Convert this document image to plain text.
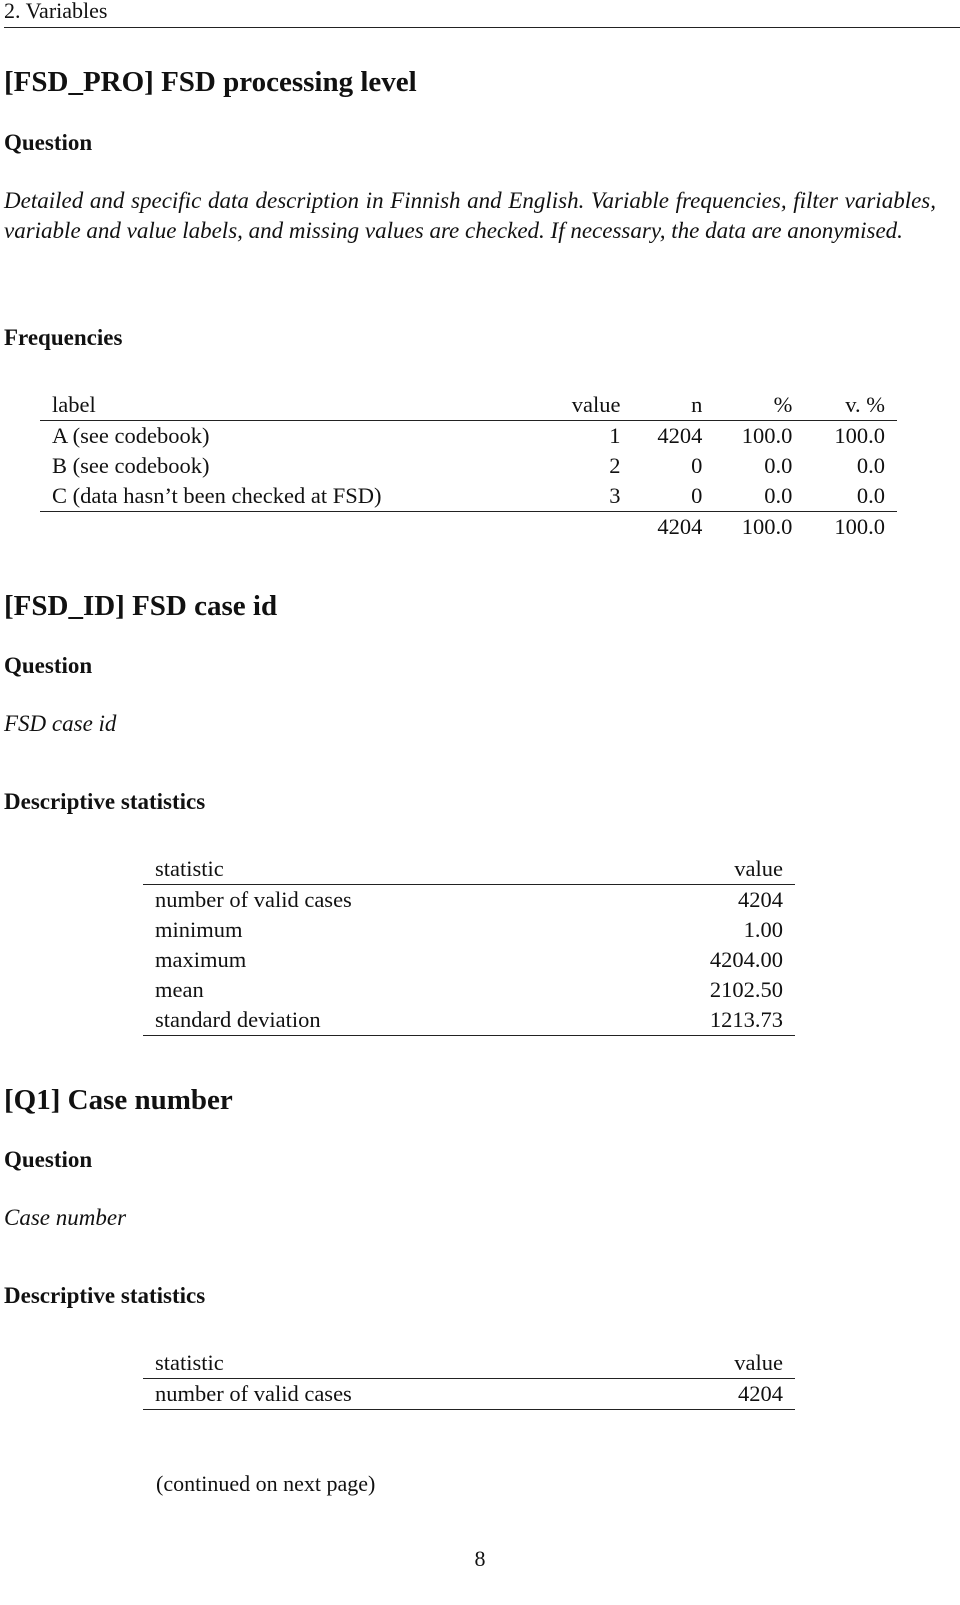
2. Variables
[FSD_PRO] FSD processing level
Question

Detailed and specific data description in Finnish and English. Variable frequencies, filter variables, variable and value labels, and missing values are checked. If necessary, the data are anonymised.

Frequencies
label	value	n	%	v. %
A (see codebook)	1	4204	100.0	100.0
B (see codebook)	2	0	0.0	0.0
C (data hasn’t been checked at FSD)	3	0	0.0	0.0
		4204	100.0	100.0
[FSD_ID] FSD case id
Question

FSD case id

Descriptive statistics
statistic	value
number of valid cases	4204
minimum	1.00
maximum	4204.00
mean	2102.50
standard deviation	1213.73
[Q1] Case number
Question

Case number

Descriptive statistics
statistic	value
number of valid cases	4204
(continued on next page)
8
